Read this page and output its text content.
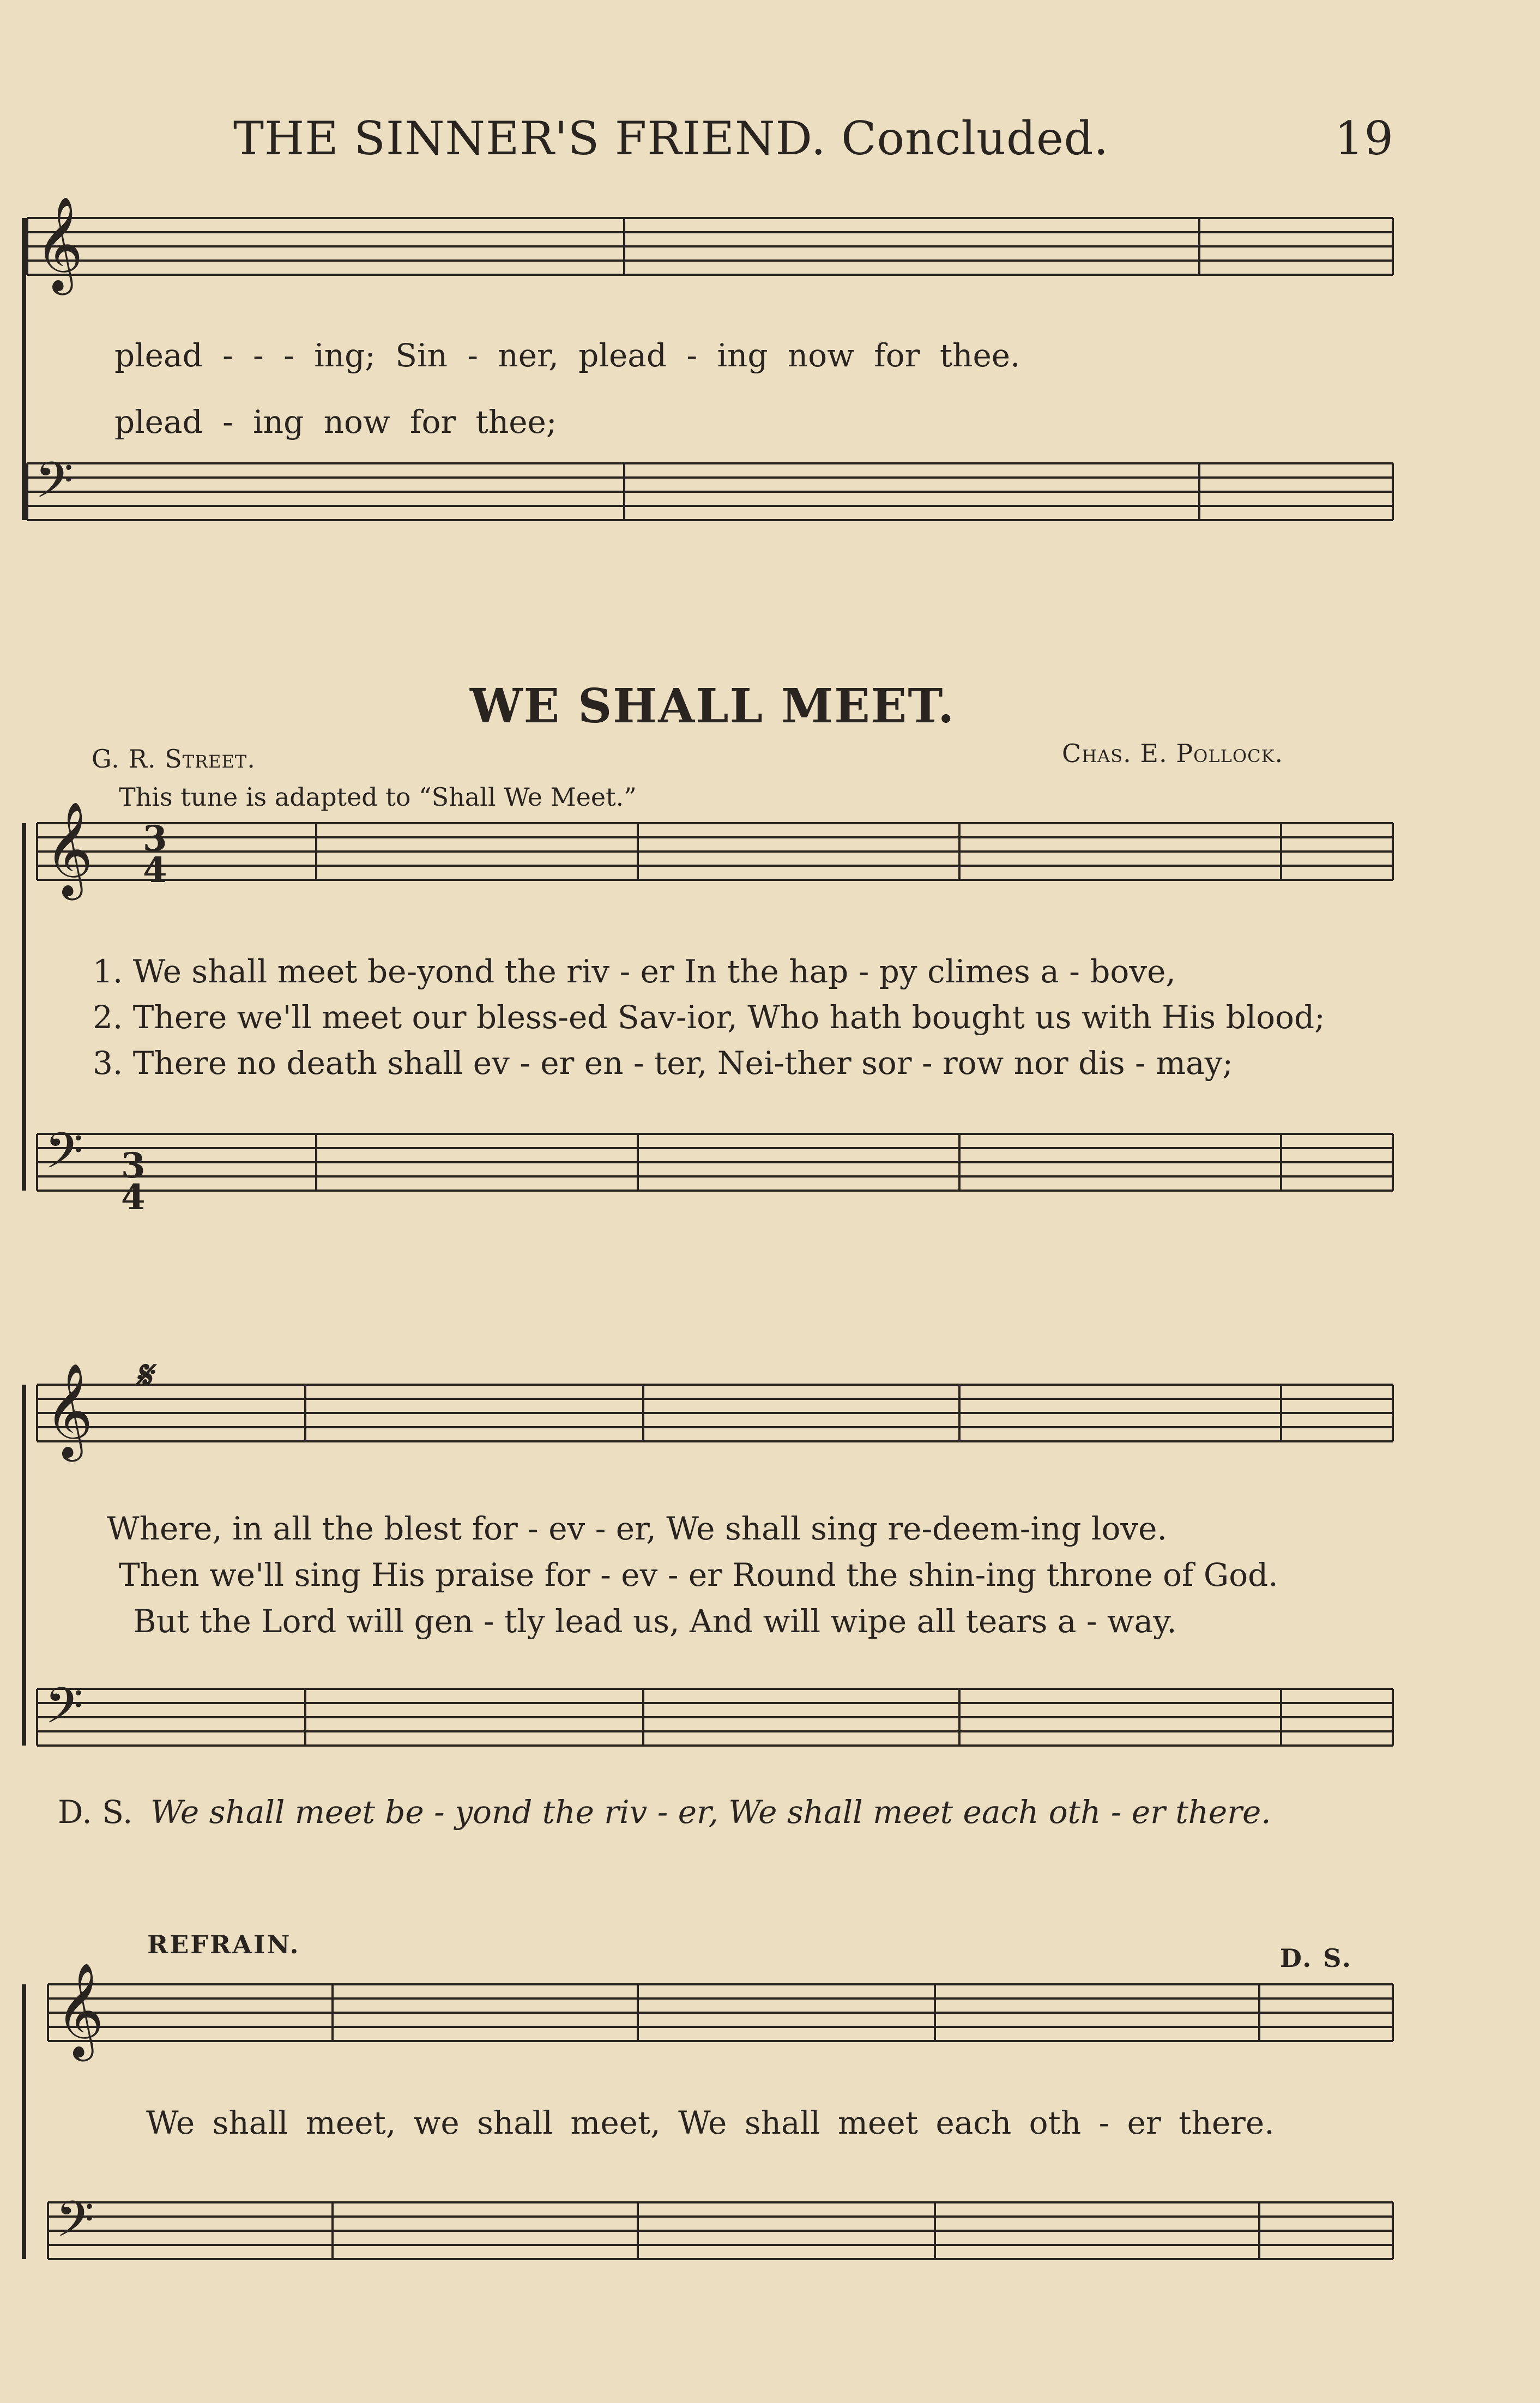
𝄞
𝄢
𝄞
𝄢
𝄞
𝄢
𝄞
𝄢
THE SINNER'S FRIEND. Concluded.	19
plead - - - ing; Sin - ner, plead - ing now for thee.
plead - ing now for thee;
WE SHALL MEET.
G. R. Street.	Chas. E. Pollock.
This tune is adapted to “Shall We Meet.”
3
4
3
4
1. We shall meet be-yond the riv - er In the hap - py climes a - bove,
2. There we'll meet our bless-ed Sav-ior, Who hath bought us with His blood;
3. There no death shall ev - er en - ter, Nei-ther sor - row nor dis - may;
𝄋
Where, in all the blest for - ev - er, We shall sing re-deem-ing love.
Then we'll sing His praise for - ev - er Round the shin-ing throne of God.
But the Lord will gen - tly lead us, And will wipe all tears a - way.
D. S. We shall meet be - yond the riv - er, We shall meet each oth - er there.
REFRAIN.	D. S.
We shall meet, we shall meet, We shall meet each oth - er there.
